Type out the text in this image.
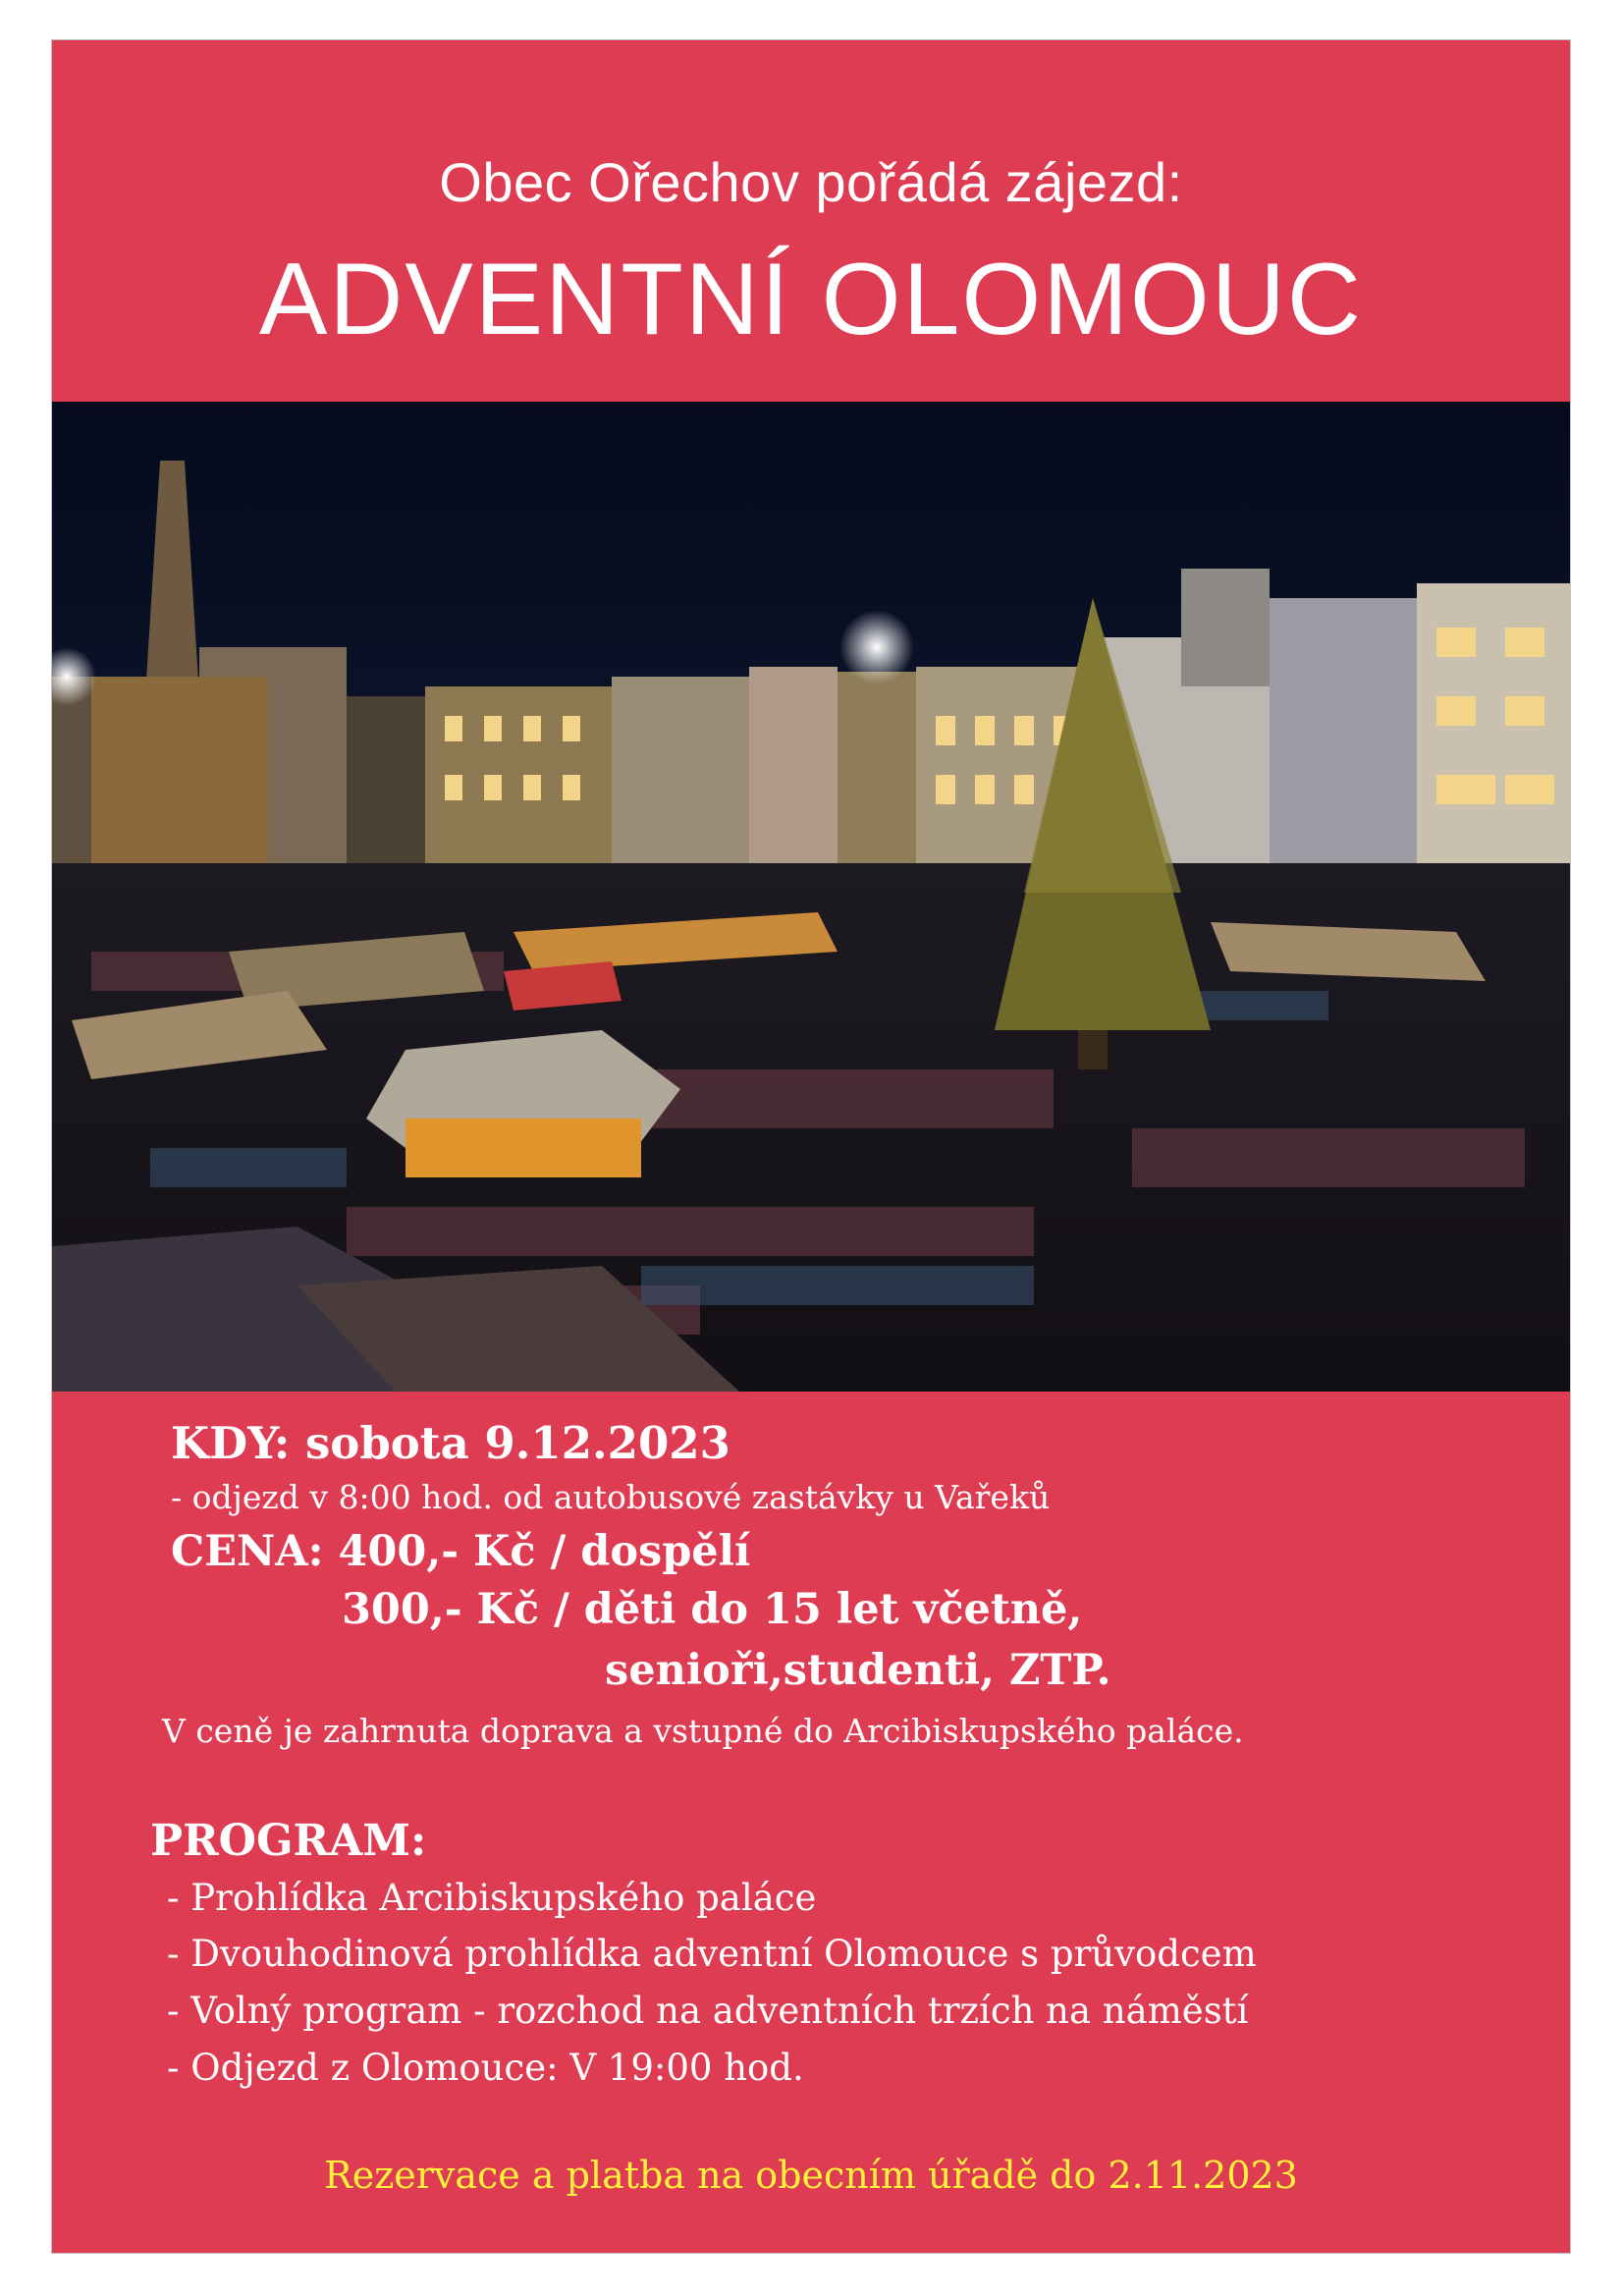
Obec Ořechov pořádá zájezd:
ADVENTNÍ OLOMOUC
KDY: sobota 9.12.2023
- odjezd v 8:00 hod. od autobusové zastávky u Vařeků
CENA: 400,- Kč / dospělí
300,- Kč / děti do 15 let včetně,
senioři,studenti, ZTP.
V ceně je zahrnuta doprava a vstupné do Arcibiskupského paláce.
PROGRAM:
- Prohlídka Arcibiskupského paláce
- Dvouhodinová prohlídka adventní Olomouce s průvodcem
- Volný program - rozchod na adventních trzích na náměstí
- Odjezd z Olomouce: V 19:00 hod.
Rezervace a platba na obecním úřadě do 2.11.2023
